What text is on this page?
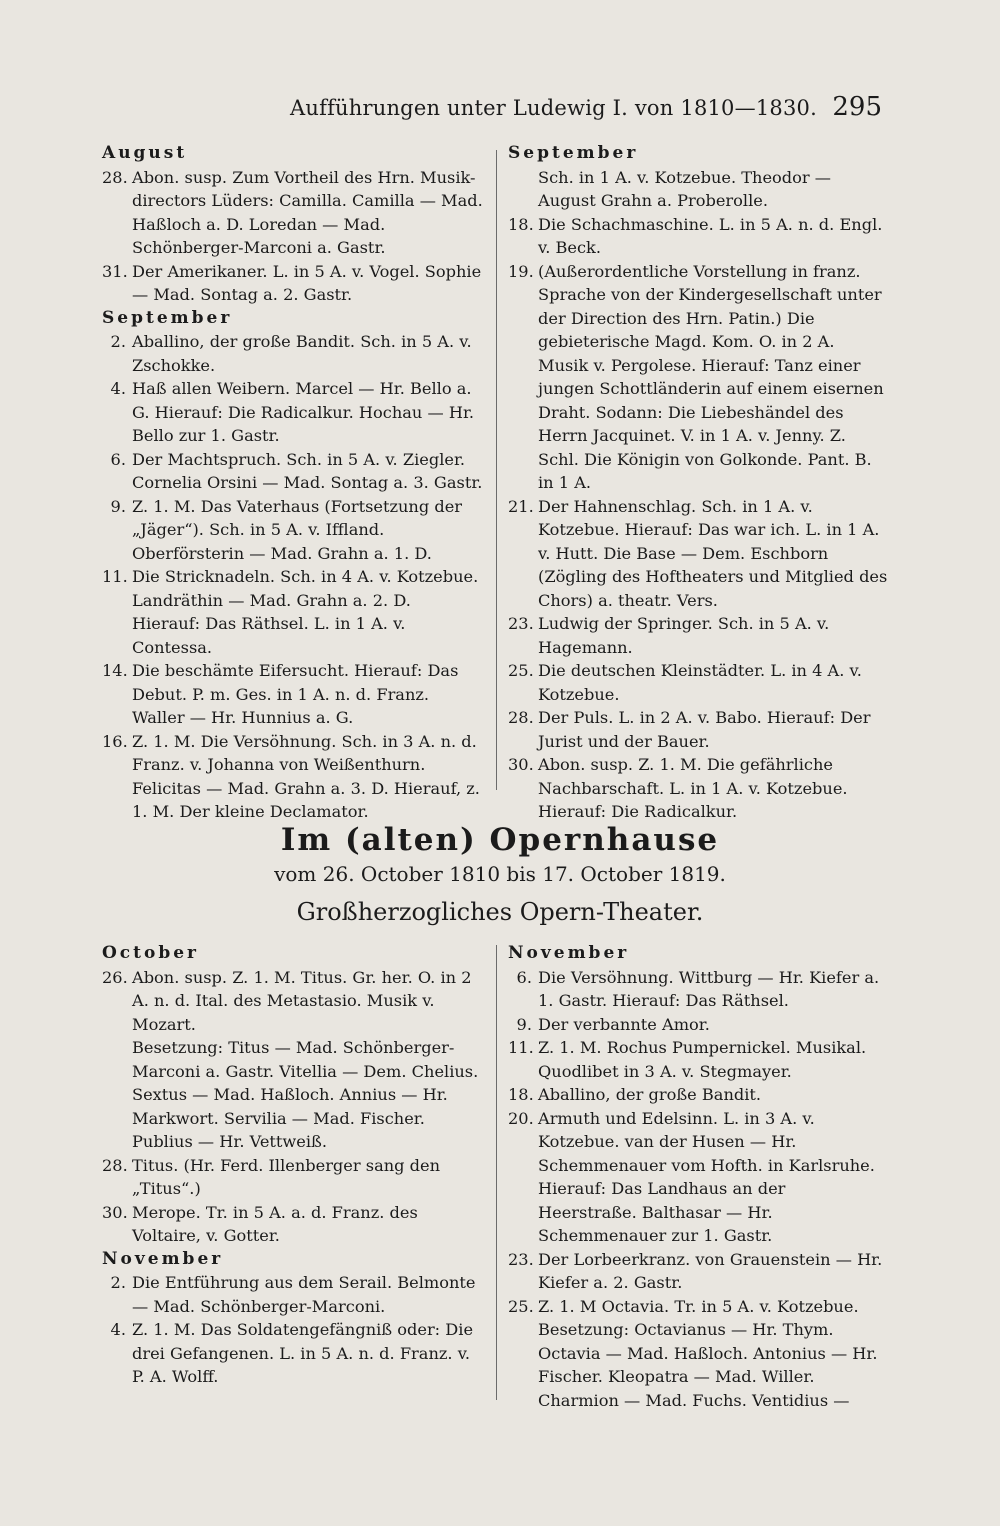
Aufführungen unter Ludewig I. von 1810—1830. 295

August

28. Abon. susp. Zum Vortheil des Hrn. Musik-directors Lüders: Camilla. Camilla — Mad. Haßloch a. D. Loredan — Mad. Schönberger-Marconi a. Gastr.

31. Der Amerikaner. L. in 5 A. v. Vogel. Sophie — Mad. Sontag a. 2. Gastr.

September

2. Aballino, der große Bandit. Sch. in 5 A. v. Zschokke.

4. Haß allen Weibern. Marcel — Hr. Bello a. G. Hierauf: Die Radicalkur. Hochau — Hr. Bello zur 1. Gastr.

6. Der Machtspruch. Sch. in 5 A. v. Ziegler. Cornelia Orsini — Mad. Sontag a. 3. Gastr.

9. Z. 1. M. Das Vaterhaus (Fortsetzung der „Jäger“). Sch. in 5 A. v. Iffland. Oberförsterin — Mad. Grahn a. 1. D.

11. Die Stricknadeln. Sch. in 4 A. v. Kotzebue. Landräthin — Mad. Grahn a. 2. D. Hierauf: Das Räthsel. L. in 1 A. v. Contessa.

14. Die beschämte Eifersucht. Hierauf: Das Debut. P. m. Ges. in 1 A. n. d. Franz. Waller — Hr. Hunnius a. G.

16. Z. 1. M. Die Versöhnung. Sch. in 3 A. n. d. Franz. v. Johanna von Weißenthurn. Felicitas — Mad. Grahn a. 3. D. Hierauf, z. 1. M. Der kleine Declamator.

September

Sch. in 1 A. v. Kotzebue. Theodor — August Grahn a. Proberolle.

18. Die Schachmaschine. L. in 5 A. n. d. Engl. v. Beck.

19. (Außerordentliche Vorstellung in franz. Sprache von der Kindergesellschaft unter der Direction des Hrn. Patin.) Die gebieterische Magd. Kom. O. in 2 A. Musik v. Pergolese. Hierauf: Tanz einer jungen Schottländerin auf einem eisernen Draht. Sodann: Die Liebeshändel des Herrn Jacquinet. V. in 1 A. v. Jenny. Z. Schl. Die Königin von Golkonde. Pant. B. in 1 A.

21. Der Hahnenschlag. Sch. in 1 A. v. Kotzebue. Hierauf: Das war ich. L. in 1 A. v. Hutt. Die Base — Dem. Eschborn (Zögling des Hoftheaters und Mitglied des Chors) a. theatr. Vers.

23. Ludwig der Springer. Sch. in 5 A. v. Hagemann.

25. Die deutschen Kleinstädter. L. in 4 A. v. Kotzebue.

28. Der Puls. L. in 2 A. v. Babo. Hierauf: Der Jurist und der Bauer.

30. Abon. susp. Z. 1. M. Die gefährliche Nachbarschaft. L. in 1 A. v. Kotzebue. Hierauf: Die Radicalkur.

Im (alten) Opernhause
vom 26. October 1810 bis 17. October 1819.
Großherzogliches Opern-Theater.

October

26. Abon. susp. Z. 1. M. Titus. Gr. her. O. in 2 A. n. d. Ital. des Metastasio. Musik v. Mozart.

Besetzung: Titus — Mad. Schönberger-Marconi a. Gastr. Vitellia — Dem. Chelius. Sextus — Mad. Haßloch. Annius — Hr. Markwort. Servilia — Mad. Fischer. Publius — Hr. Vettweiß.

28. Titus. (Hr. Ferd. Illenberger sang den „Titus“.)

30. Merope. Tr. in 5 A. a. d. Franz. des Voltaire, v. Gotter.

November

2. Die Entführung aus dem Serail. Belmonte — Mad. Schönberger-Marconi.

4. Z. 1. M. Das Soldatengefängniß oder: Die drei Gefangenen. L. in 5 A. n. d. Franz. v. P. A. Wolff.

November

6. Die Versöhnung. Wittburg — Hr. Kiefer a. 1. Gastr. Hierauf: Das Räthsel.

9. Der verbannte Amor.

11. Z. 1. M. Rochus Pumpernickel. Musikal. Quodlibet in 3 A. v. Stegmayer.

18. Aballino, der große Bandit.

20. Armuth und Edelsinn. L. in 3 A. v. Kotzebue. van der Husen — Hr. Schemmenauer vom Hofth. in Karlsruhe. Hierauf: Das Landhaus an der Heerstraße. Balthasar — Hr. Schemmenauer zur 1. Gastr.

23. Der Lorbeerkranz. von Grauenstein — Hr. Kiefer a. 2. Gastr.

25. Z. 1. M Octavia. Tr. in 5 A. v. Kotzebue.

Besetzung: Octavianus — Hr. Thym. Octavia — Mad. Haßloch. Antonius — Hr. Fischer. Kleopatra — Mad. Willer. Charmion — Mad. Fuchs. Ventidius —
